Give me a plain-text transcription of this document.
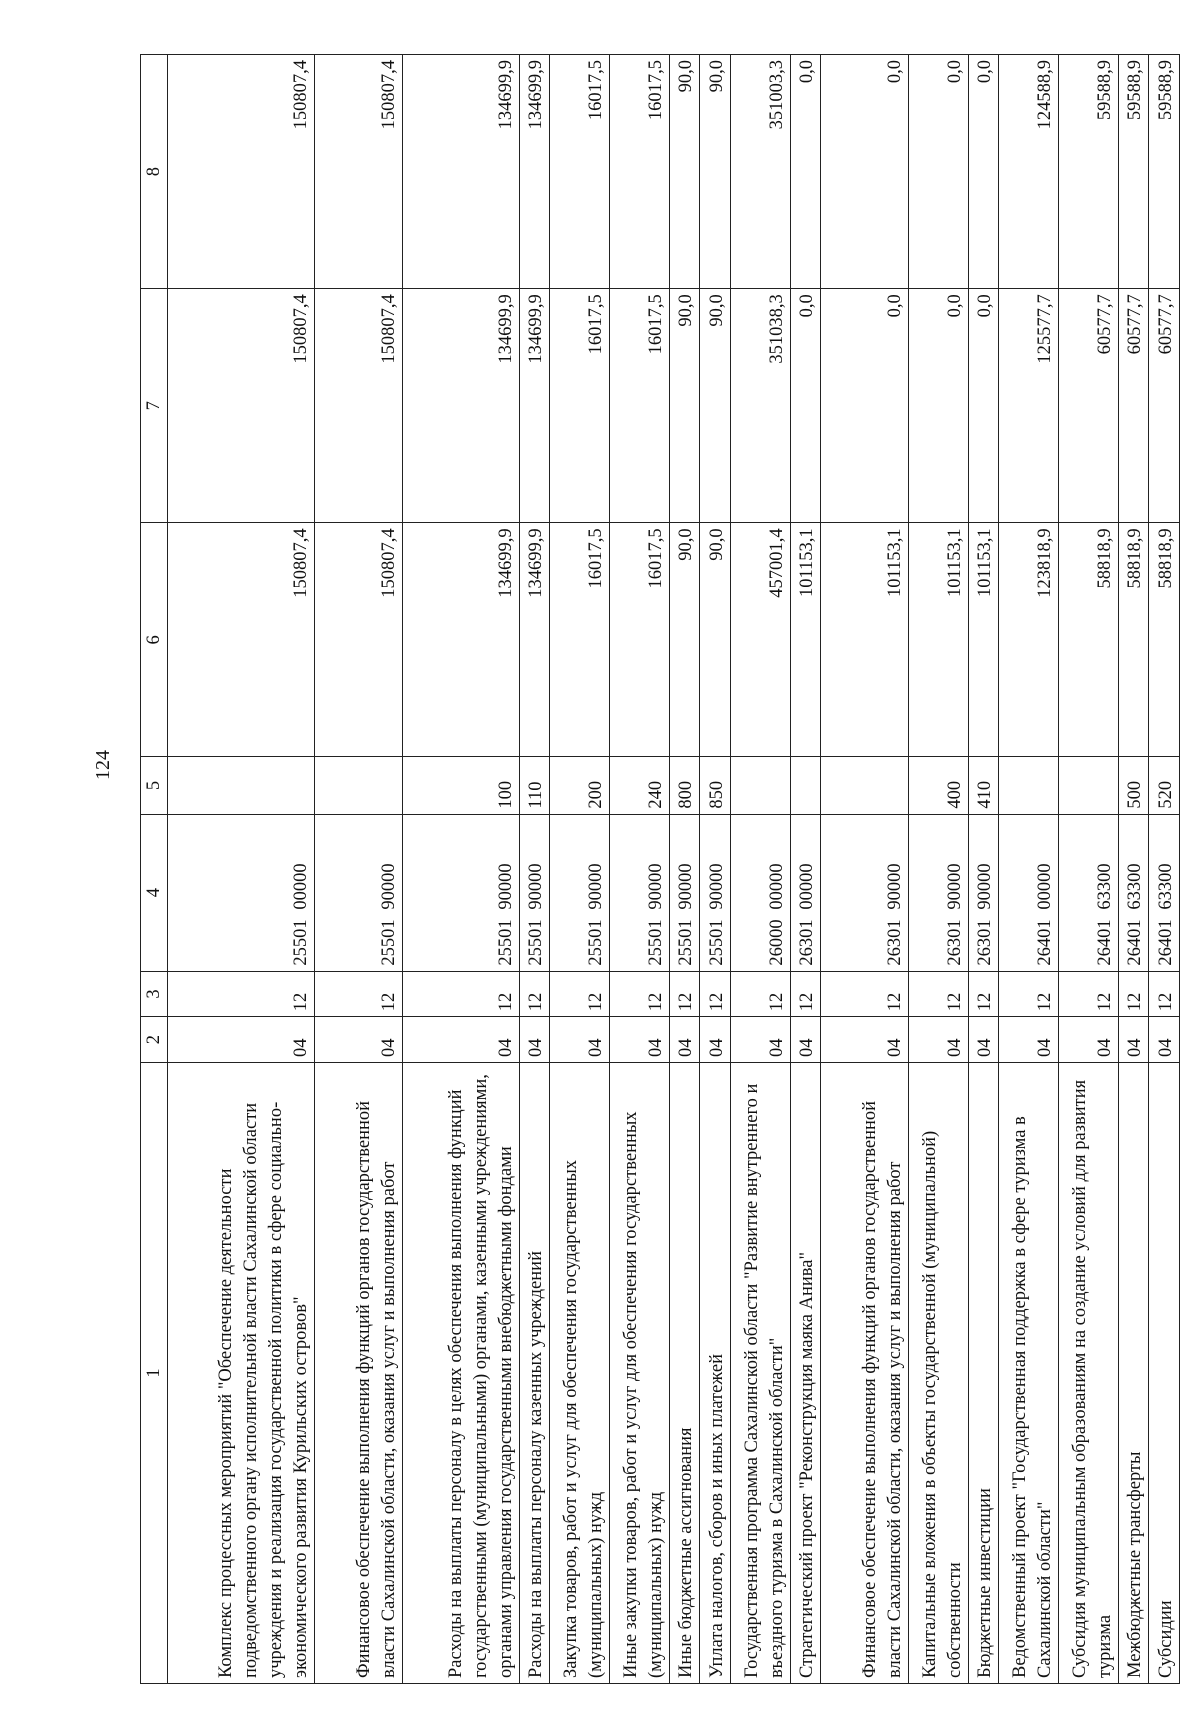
124
1	2	3	4	5	6	7	8
Комплекс процессных мероприятий "Обеспечение деятельности подведомственного органу исполнительной власти Сахалинской области учреждения и реализация государственной политики в сфере социально-экономического развития Курильских островов"	04	12	2550100000		150807,4	150807,4	150807,4
Финансовое обеспечение выполнения функций органов государственной власти Сахалинской области, оказания услуг и выполнения работ	04	12	2550190000		150807,4	150807,4	150807,4
Расходы на выплаты персоналу в целях обеспечения выполнения функций государственными (муниципальными) органами, казенными учреждениями, органами управления государственными внебюджетными фондами	04	12	2550190000	100	134699,9	134699,9	134699,9
Расходы на выплаты персоналу казенных учреждений	04	12	2550190000	110	134699,9	134699,9	134699,9
Закупка товаров, работ и услуг для обеспечения государственных (муниципальных) нужд	04	12	2550190000	200	16017,5	16017,5	16017,5
Иные закупки товаров, работ и услуг для обеспечения государственных (муниципальных) нужд	04	12	2550190000	240	16017,5	16017,5	16017,5
Иные бюджетные ассигнования	04	12	2550190000	800	90,0	90,0	90,0
Уплата налогов, сборов и иных платежей	04	12	2550190000	850	90,0	90,0	90,0
Государственная программа Сахалинской области "Развитие внутреннего и въездного туризма в Сахалинской области"	04	12	2600000000		457001,4	351038,3	351003,3
Стратегический проект "Реконструкция маяка Анива"	04	12	2630100000		101153,1	0,0	0,0
Финансовое обеспечение выполнения функций органов государственной власти Сахалинской области, оказания услуг и выполнения работ	04	12	2630190000		101153,1	0,0	0,0
Капитальные вложения в объекты государственной (муниципальной) собственности	04	12	2630190000	400	101153,1	0,0	0,0
Бюджетные инвестиции	04	12	2630190000	410	101153,1	0,0	0,0
Ведомственный проект "Государственная поддержка в сфере туризма в Сахалинской области"	04	12	2640100000		123818,9	125577,7	124588,9
Субсидия муниципальным образованиям на создание условий для развития туризма	04	12	2640163300		58818,9	60577,7	59588,9
Межбюджетные трансферты	04	12	2640163300	500	58818,9	60577,7	59588,9
Субсидии	04	12	2640163300	520	58818,9	60577,7	59588,9
